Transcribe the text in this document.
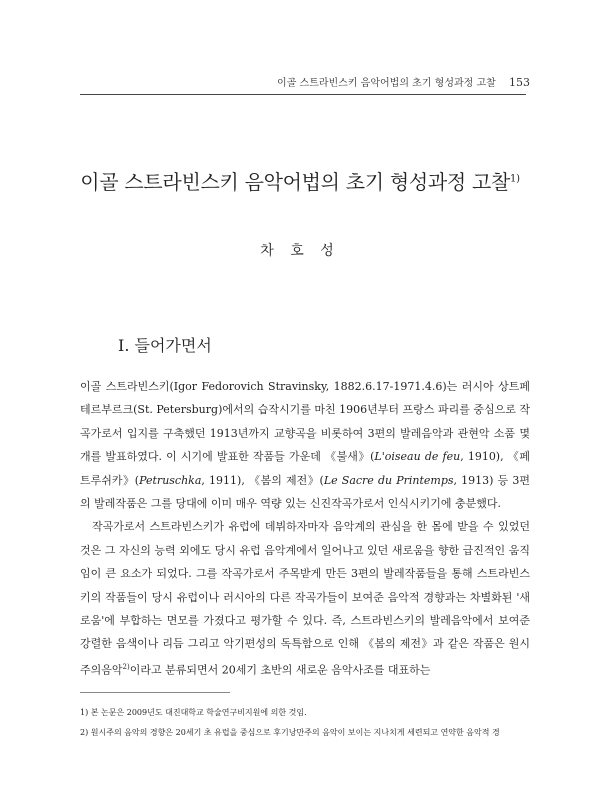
이골 스트라빈스키 음악어법의 초기 형성과정 고찰 153
이골 스트라빈스키 음악어법의 초기 형성과정 고찰$^{1)}$
차 호 성
I. 들어가면서

이골 스트라빈스키(Igor Fedorovich Stravinsky, 1882.6.17-1971.4.6)는 러시아 상트페테르부르크(St. Petersburg)에서의 습작시기를 마친 1906년부터 프랑스 파리를 중심으로 작곡가로서 입지를 구축했던 1913년까지 교향곡을 비롯하여 3편의 발레음악과 관현악 소품 몇 개를 발표하였다. 이 시기에 발표한 작품들 가운데 《불새》(L'oiseau de feu, 1910), 《페트루쉬카》(Petruschka, 1911), 《봄의 제전》(Le Sacre du Printemps, 1913) 등 3편의 발레작품은 그를 당대에 이미 매우 역량 있는 신진작곡가로서 인식시키기에 충분했다.

작곡가로서 스트라빈스키가 유럽에 데뷔하자마자 음악계의 관심을 한 몸에 받을 수 있었던 것은 그 자신의 능력 외에도 당시 유럽 음악계에서 일어나고 있던 새로움을 향한 급진적인 움직임이 큰 요소가 되었다. 그를 작곡가로서 주목받게 만든 3편의 발레작품들을 통해 스트라빈스키의 작품들이 당시 유럽이나 러시아의 다른 작곡가들이 보여준 음악적 경향과는 차별화된 '새로움'에 부합하는 면모를 가졌다고 평가할 수 있다. 즉, 스트라빈스키의 발레음악에서 보여준 강렬한 음색이나 리듬 그리고 악기편성의 독특함으로 인해 《봄의 제전》과 같은 작품은 원시주의음악$^{2)}$이라고 분류되면서 20세기 초반의 새로운 음악사조를 대표하는

1) 본 논문은 2009년도 대진대학교 학술연구비지원에 의한 것임.

2) 원시주의 음악의 경향은 20세기 초 유럽을 중심으로 후기낭만주의 음악이 보이는 지나치게 세련되고 연약한 음악적 경
